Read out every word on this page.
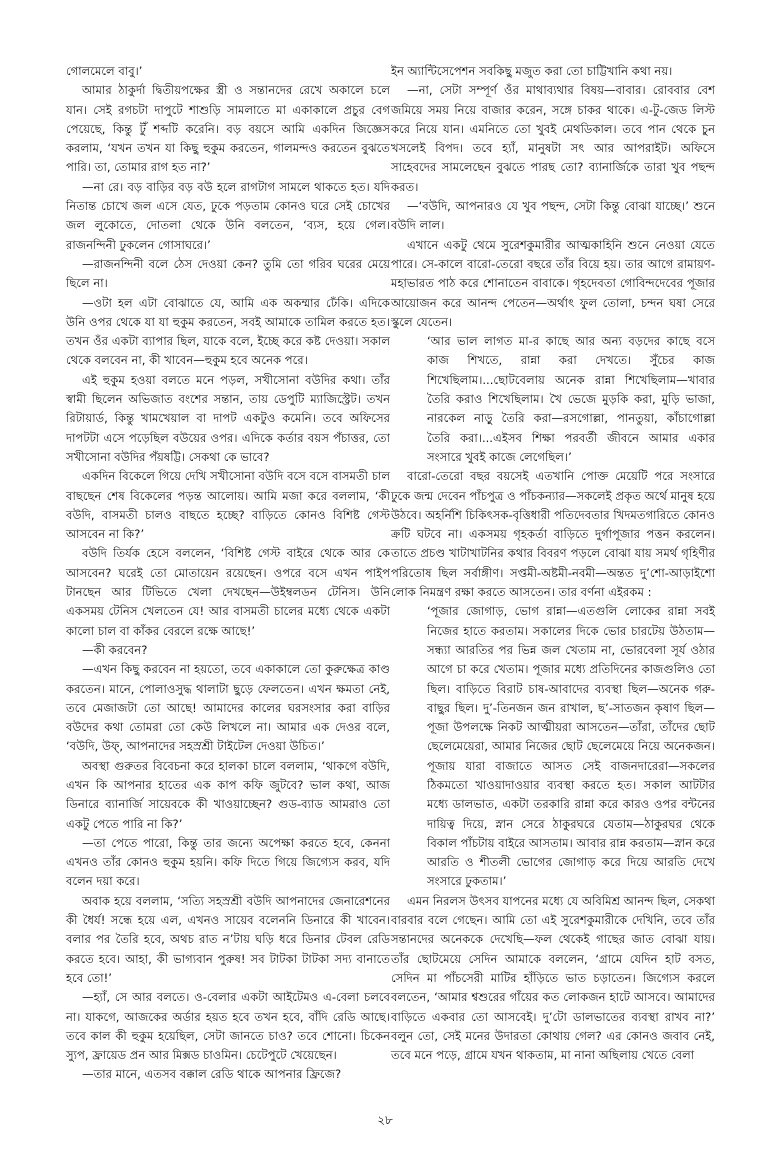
গোলমেলে বাবু।’

আমার ঠাকুর্দা দ্বিতীয়পক্ষের স্ত্রী ও সন্তানদের রেখে অকালে চলে যান। সেই রগচটা দাপুটে শাশুড়ি সামলাতে মা একাকালে প্রচুর বেগ পেয়েছে, কিন্তু টুঁ শব্দটি করেনি। বড় বয়সে আমি একদিন জিজ্ঞেস করলাম, ‘যখন তখন যা কিছু হুকুম করতেন, গালমন্দও করতেন বুঝতে পারি। তা, তোমার রাগ হত না?’

—না রে। বড় বাড়ির বড় বউ হলে রাগটাগ সামলে থাকতে হত। যদি নিতান্ত চোখে জল এসে যেত, ঢুকে পড়তাম কোনও ঘরে সেই চোখের জল লুকোতে, দোতলা থেকে উনি বলতেন, ‘ব্যস, হয়ে গেল। রাজনন্দিনী ঢুকলেন গোসাঘরে।’

—রাজনন্দিনী বলে ঠেস দেওয়া কেন? তুমি তো গরিব ঘরের মেয়ে ছিলে না।

—ওটা হল এটা বোঝাতে যে, আমি এক অকম্মার ঢেঁকি। এদিকে উনি ওপর থেকে যা যা হুকুম করতেন, সবই আমাকে তামিল করতে হত। তখন ওঁর একটা ব্যাপার ছিল, যাকে বলে, ইচ্ছে করে কষ্ট দেওয়া। সকাল থেকে বলবেন না, কী খাবেন—হুকুম হবে অনেক পরে।

এই হুকুম হওয়া বলতে মনে পড়ল, সখীসোনা বউদির কথা। তাঁর স্বামী ছিলেন অভিজাত বংশের সন্তান, তায় ডেপুটি ম্যাজিস্ট্রেট। তখন রিটায়ার্ড, কিন্তু খামখেয়াল বা দাপট একটুও কমেনি। তবে অফিসের দাপটটা এসে পড়েছিল বউয়ের ওপর। এদিকে কর্তার বয়স পঁচাত্তর, তো সখীসোনা বউদির পঁয়ষট্টি। সেকথা কে ভাবে?

একদিন বিকেলে গিয়ে দেখি সখীসোনা বউদি বসে বসে বাসমতী চাল বাছছেন শেষ বিকেলের পড়ন্ত আলোয়। আমি মজা করে বললাম, ‘কী বউদি, বাসমতী চালও বাছতে হচ্ছে? বাড়িতে কোনও বিশিষ্ট গেস্ট আসবেন না কি?’

বউদি তির্যক হেসে বললেন, ‘বিশিষ্ট গেস্ট বাইরে থেকে আর কে আসবেন? ঘরেই তো মোতায়েন রয়েছেন। ওপরে বসে এখন পাইপ টানছেন আর টিভিতে খেলা দেখছেন—উইম্বলডন টেনিস। উনি একসময় টেনিস খেলতেন যে! আর বাসমতী চালের মধ্যে থেকে একটা কালো চাল বা কাঁকর বেরলে রক্ষে আছে!’

—কী করবেন?

—এখন কিছু করবেন না হয়তো, তবে একাকালে তো কুরুক্ষেত্র কাণ্ড করতেন। মানে, পোলাওসুদ্ধ থালাটা ছুড়ে ফেলতেন। এখন ক্ষমতা নেই, তবে মেজাজটা তো আছে! আমাদের কালের ঘরসংসার করা বাড়ির বউদের কথা তোমরা তো কেউ লিখলে না। আমার এক দেওর বলে, ‘বউদি, উফ্, আপনাদের সহস্রশ্রী টাইটেল দেওয়া উচিত।’

অবস্থা গুরুতর বিবেচনা করে হালকা চালে বললাম, ‘থাকগে বউদি, এখন কি আপনার হাতের এক কাপ কফি জুটবে? ভাল কথা, আজ ডিনারে ব্যানার্জি সায়েবকে কী খাওয়াচ্ছেন? গুড-ব্যাড আমরাও তো একটু পেতে পারি না কি?’

—তা পেতে পারো, কিন্তু তার জন্যে অপেক্ষা করতে হবে, কেননা এখনও তাঁর কোনও হুকুম হয়নি। কফি দিতে গিয়ে জিগ্যেস করব, যদি বলেন দয়া করে।

অবাক হয়ে বললাম, ‘সত্যি সহস্রশ্রী বউদি আপনাদের জেনারেশনের কী ধৈর্য! সন্ধে হয়ে এল, এখনও সায়েব বলেননি ডিনারে কী খাবেন। বলার পর তৈরি হবে, অথচ রাত ন’টায় ঘড়ি ধরে ডিনার টেবল রেডি করতে হবে। আহা, কী ভাগ্যবান পুরুষ! সব টাটকা টাটকা সদ্য বানাতে হবে তো!’

—হ্যাঁ, সে আর বলতে। ও-বেলার একটা আইটেমও এ-বেলা চলবে না। যাকগে, আজকের অর্ডার হয়ত হবে তখন হবে, বাঁদি রেডি আছে। তবে কাল কী হুকুম হয়েছিল, সেটা জানতে চাও? তবে শোনো। চিকেন স্যুপ, ফ্রায়েড প্রন আর মিক্সড চাওমিন। চেটেপুটে খেয়েছেন।

—তার মানে, এতসব বক্কাল রেডি থাকে আপনার ফ্রিজে?

ইন অ্যান্টিসেপেশন সবকিছু মজুত করা তো চাট্টিখানি কথা নয়।

—না, সেটা সম্পূর্ণ ওঁর মাথাব্যথার বিষয়—বাবার। রোববার বেশ জমিয়ে সময় নিয়ে বাজার করেন, সঙ্গে চাকর থাকে। এ-টু-জেড লিস্ট করে নিয়ে যান। এমনিতে তো খুবই মেথডিকাল। তবে পান থেকে চুন খসলেই বিপদ। তবে হ্যাঁ, মানুষটা সৎ আর আপরাইট। অফিসে সাহেবদের সামলেছেন বুঝতে পারছ তো? ব্যানার্জিকে তারা খুব পছন্দ করত।

—‘বউদি, আপনারও যে খুব পছন্দ, সেটা কিন্তু বোঝা যাচ্ছে।’ শুনে বউদি লাল।

এখানে একটু থেমে সুরেশকুমারীর আত্মকাহিনি শুনে নেওয়া যেতে পারে। সে-কালে বারো-তেরো বছরে তাঁর বিয়ে হয়। তার আগে রামায়ণ-মহাভারত পাঠ করে শোনাতেন বাবাকে। গৃহদেবতা গোবিন্দদেবের পূজার আয়োজন করে আনন্দ পেতেন—অর্থাৎ ফুল তোলা, চন্দন ঘষা সেরে স্কুলে যেতেন।

‘আর ভাল লাগত মা-র কাছে আর অন্য বড়দের কাছে বসে কাজ শিখতে, রান্না করা দেখতে। সুঁচের কাজ শিখেছিলাম।...ছোটবেলায় অনেক রান্না শিখেছিলাম—খাবার তৈরি করাও শিখেছিলাম। খৈ ভেজে মুড়কি করা, মুড়ি ভাজা, নারকেল নাড়ু তৈরি করা—রসগোল্লা, পানতুয়া, কাঁচাগোল্লা তৈরি করা।...এইসব শিক্ষা পরবর্তী জীবনে আমার একার সংসারে খুবই কাজে লেগেছিল।’

বারো-তেরো বছর বয়সেই এতখানি পোক্ত মেয়েটি পরে সংসারে ঢুকে জন্ম দেবেন পাঁচপুত্র ও পাঁচকন্যার—সকলেই প্রকৃত অর্থে মানুষ হয়ে উঠবে। অহর্নিশি চিকিৎসক-বৃত্তিধারী পতিদেবতার খিদমতগারিতে কোনও ক্রটি ঘটবে না। একসময় গৃহকর্তা বাড়িতে দুর্গাপূজার পত্তন করলেন। তাতে প্রচণ্ড খাটাখাটনির কথার বিবরণ পড়লে বোঝা যায় সমর্থ গৃহিণীর পরিতোষ ছিল সর্বাঙ্গীণ। সপ্তমী-অষ্টমী-নবমী—অন্তত দু’শো-আড়াইশো লোক নিমন্ত্রণ রক্ষা করতে আসতেন। তার বর্ণনা এইরকম :

‘পূজার জোগাড়, ভোগ রান্না—এতগুলি লোকের রান্না সবই নিজের হাতে করতাম। সকালের দিকে ভোর চারটেয় উঠতাম—সন্ধ্যা আরতির পর ভিন্ন জল খেতাম না, ভোরবেলা সূর্য ওঠার আগে চা করে খেতাম। পূজার মধ্যে প্রতিদিনের কাজগুলিও তো ছিল। বাড়িতে বিরাট চাষ-আবাদের ব্যবস্থা ছিল—অনেক গরু-বাছুর ছিল। দু’-তিনজন জন রাখাল, ছ’-সাতজন কৃষাণ ছিল—পূজা উপলক্ষে নিকট আত্মীয়রা আসতেন—তাঁরা, তাঁদের ছোট ছেলেমেয়েরা, আমার নিজের ছোট ছেলেমেয়ে নিয়ে অনেকজন। পূজায় যারা বাজাতে আসত সেই বাজনদারেরা—সকলের ঠিকমতো খাওয়াদাওয়ার ব্যবস্থা করতে হত। সকাল আটটার মধ্যে ডালভাত, একটা তরকারি রান্না করে কারও ওপর বন্টনের দায়িত্ব দিয়ে, স্নান সেরে ঠাকুরঘরে যেতাম—ঠাকুরঘর থেকে বিকাল পাঁচটায় বাইরে আসতাম। আবার রান্ন করতাম—স্নান করে আরতি ও শীতলী ভোগের জোগাড় করে দিয়ে আরতি দেখে সংসারে ঢুকতাম।’

এমন নিরলস উৎসব যাপনের মধ্যে যে অবিমিশ্র আনন্দ ছিল, সেকথা বারবার বলে গেছেন। আমি তো এই সুরেশকুমারীকে দেখিনি, তবে তাঁর সন্তানদের অনেককে দেখেছি—ফল থেকেই গাছের জাত বোঝা যায়। তাঁর ছোটমেয়ে সেদিন আমাকে বললেন, ‘গ্রামে যেদিন হাট বসত, সেদিন মা পাঁচসেরী মাটির হাঁড়িতে ভাত চড়াতেন। জিগ্যেস করলে বলতেন, ‘আমার শ্বশুরের গাঁয়ের কত লোকজন হাটে আসবে। আমাদের বাড়িতে একবার তো আসবেই। দু’টো ডালভাতের ব্যবস্থা রাখব না?’ বলুন তো, সেই মনের উদারতা কোথায় গেল? এর কোনও জবাব নেই, তবে মনে পড়ে, গ্রামে যখন থাকতাম, মা নানা অছিলায় খেতে বেলা

২৮
